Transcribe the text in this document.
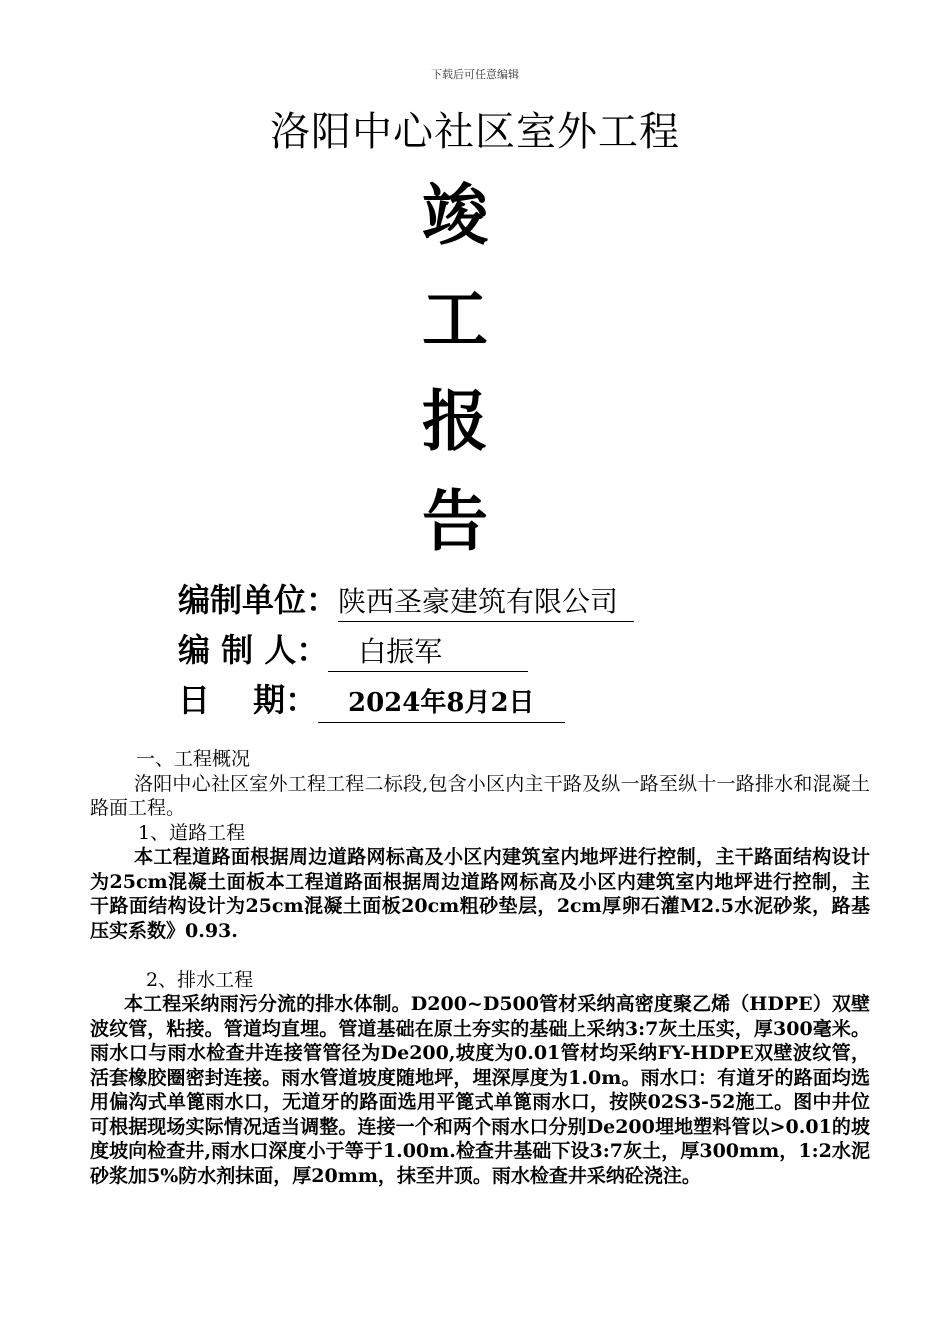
下载后可任意编辑
洛阳中心社区室外工程
竣
工
报
告
编制单位：陕西圣豪建筑有限公司
编 制 人： 白振军
日　 期： 2024年8月2日

一、工程概况

洛阳中心社区室外工程工程二标段,包含小区内主干路及纵一路至纵十一路排水和混凝土路面工程。

1、道路工程

本工程道路面根据周边道路网标高及小区内建筑室内地坪进行控制，主干路面结构设计为25cm混凝土面板本工程道路面根据周边道路网标高及小区内建筑室内地坪进行控制，主干路面结构设计为25cm混凝土面板20cm粗砂垫层，2cm厚卵石灌M2.5水泥砂浆，路基压实系数》0.93.

2、排水工程

本工程采纳雨污分流的排水体制。D200~D500管材采纳高密度聚乙烯（HDPE）双壁波纹管，粘接。管道均直埋。管道基础在原土夯实的基础上采纳3:7灰土压实，厚300毫米。雨水口与雨水检查井连接管管径为De200,坡度为0.01管材均采纳FY-HDPE双壁波纹管，活套橡胶圈密封连接。雨水管道坡度随地坪，埋深厚度为1.0m。雨水口：有道牙的路面均选用偏沟式单篦雨水口，无道牙的路面选用平篦式单篦雨水口，按陕02S3-52施工。图中井位可根据现场实际情况适当调整。连接一个和两个雨水口分别De200埋地塑料管以>0.01的坡度坡向检查井,雨水口深度小于等于1.00m.检查井基础下设3:7灰土，厚300mm，1:2水泥砂浆加5%防水剂抹面，厚20mm，抹至井顶。雨水检查井采纳砼浇注。
